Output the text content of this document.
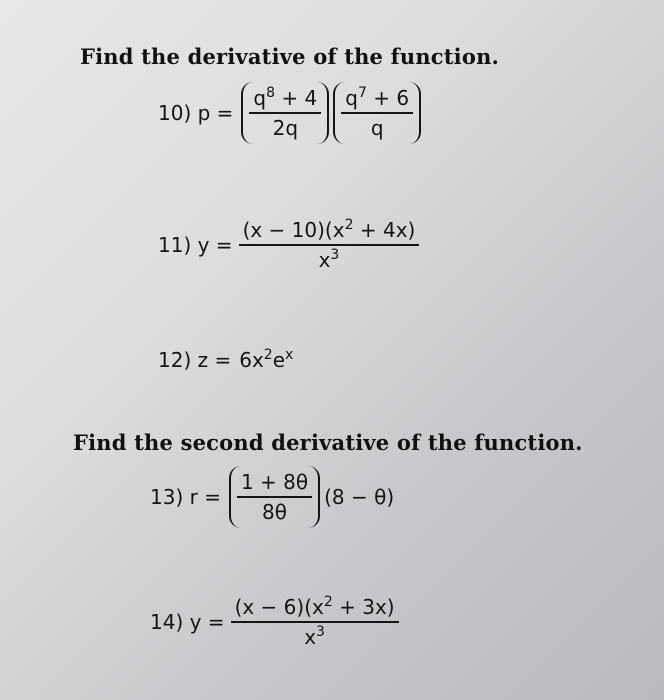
Find the derivative of the function.
10) $p = \frac{q^8 + 4}{2q} \frac{q^7 + 6}{q}$
11) $y = \frac{(x - 10)(x^2 + 4x)}{x^3}$
12) $z = 6x^2e^x$
Find the second derivative of the function.
13) $r = \frac{1 + 8\theta}{8\theta} (8 - \theta)$
14) $y = \frac{(x - 6)(x^2 + 3x)}{x^3}$
